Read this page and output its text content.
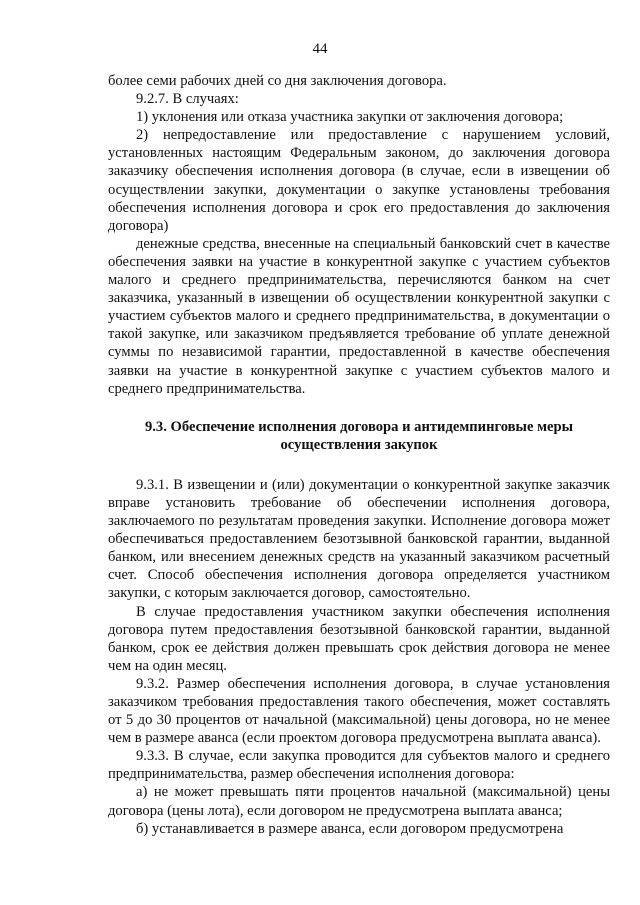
44

более семи рабочих дней со дня заключения договора.

9.2.7. В случаях:

1) уклонения или отказа участника закупки от заключения договора;

2) непредоставление или предоставление с нарушением условий, установленных настоящим Федеральным законом, до заключения договора заказчику обеспечения исполнения договора (в случае, если в извещении об осуществлении закупки, документации о закупке установлены требования обеспечения исполнения договора и срок его предоставления до заключения договора)

денежные средства, внесенные на специальный банковский счет в качестве обеспечения заявки на участие в конкурентной закупке с участием субъектов малого и среднего предпринимательства, перечисляются банком на счет заказчика, указанный в извещении об осуществлении конкурентной закупки с участием субъектов малого и среднего предпринимательства, в документации о такой закупке, или заказчиком предъявляется требование об уплате денежной суммы по независимой гарантии, предоставленной в качестве обеспечения заявки на участие в конкурентной закупке с участием субъектов малого и среднего предпринимательства.

9.3. Обеспечение исполнения договора и антидемпинговые меры
осуществления закупок

9.3.1. В извещении и (или) документации о конкурентной закупке заказчик вправе установить требование об обеспечении исполнения договора, заключаемого по результатам проведения закупки. Исполнение договора может обеспечиваться предоставлением безотзывной банковской гарантии, выданной банком, или внесением денежных средств на указанный заказчиком расчетный счет. Способ обеспечения исполнения договора определяется участником закупки, с которым заключается договор, самостоятельно.

В случае предоставления участником закупки обеспечения исполнения договора путем предоставления безотзывной банковской гарантии, выданной банком, срок ее действия должен превышать срок действия договора не менее чем на один месяц.

9.3.2. Размер обеспечения исполнения договора, в случае установления заказчиком требования предоставления такого обеспечения, может составлять от 5 до 30 процентов от начальной (максимальной) цены договора, но не менее чем в размере аванса (если проектом договора предусмотрена выплата аванса).

9.3.3. В случае, если закупка проводится для субъектов малого и среднего предпринимательства, размер обеспечения исполнения договора:

а) не может превышать пяти процентов начальной (максимальной) цены договора (цены лота), если договором не предусмотрена выплата аванса;

б) устанавливается в размере аванса, если договором предусмотрена
